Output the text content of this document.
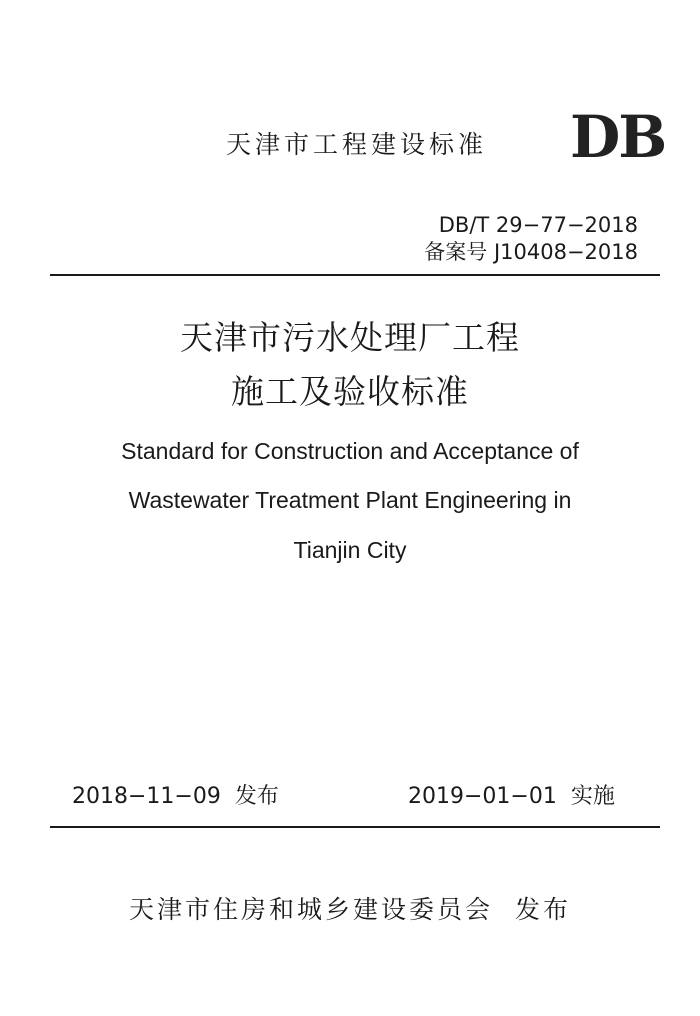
天津市工程建设标准 DB
DB/T 29−77−2018
备案号 J10408−2018
天津市污水处理厂工程
施工及验收标准
Standard for Construction and Acceptance of
Wastewater Treatment Plant Engineering in
Tianjin City
2018−11−09  发布	2019−01−01  实施
天津市住房和城乡建设委员会  发布
